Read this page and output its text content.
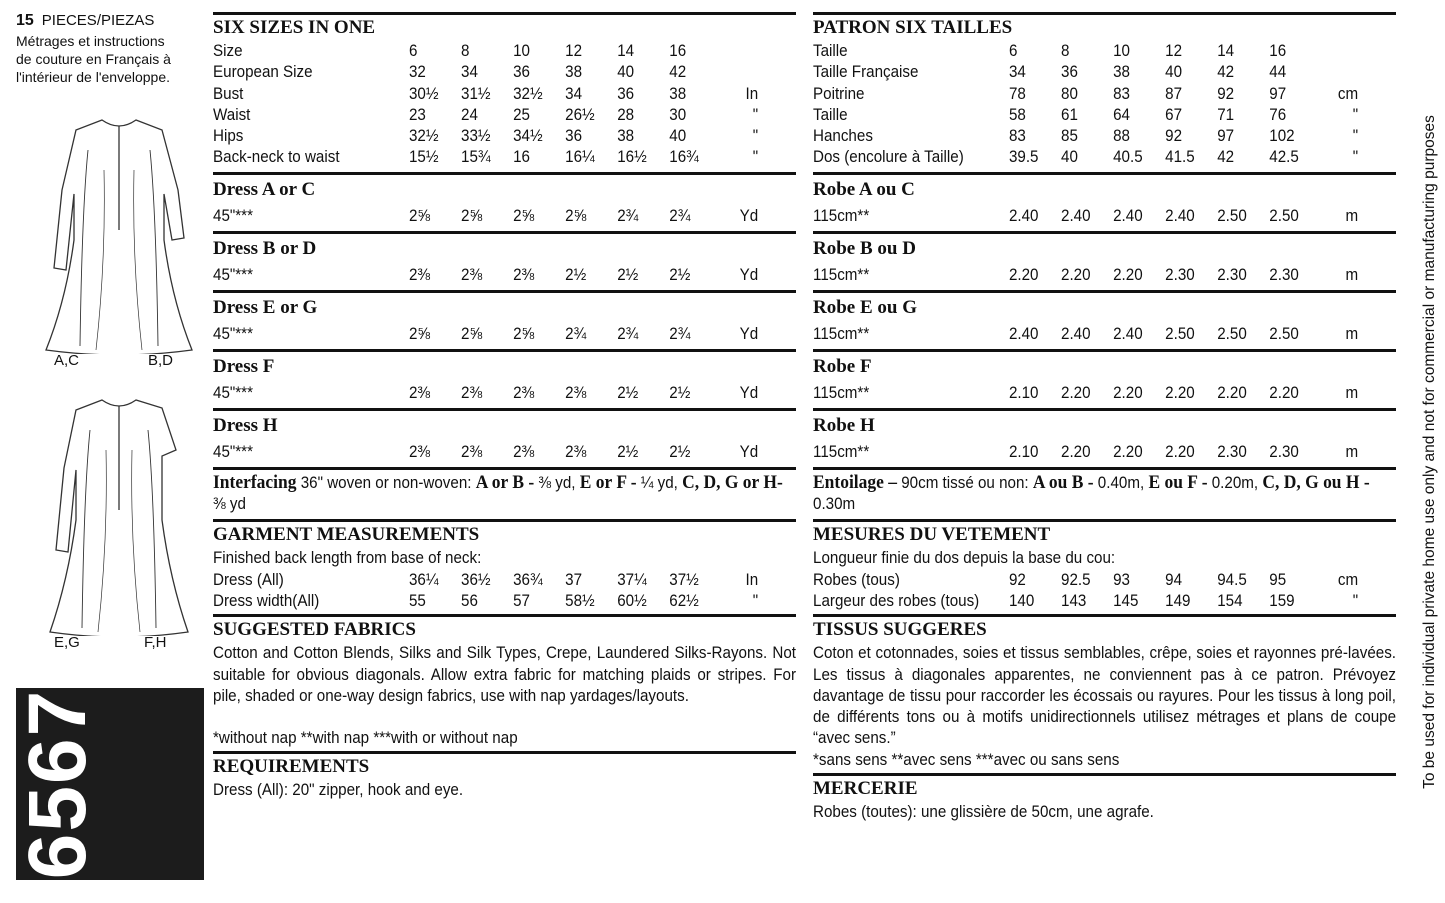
15 PIECES/PIEZAS
Métrages et instructions
de couture en Français à
l'intérieur de l'enveloppe.
A,C	B,D
E,G	F,H
6567
SIX SIZES IN ONE
Size	6	8	10	12	14	16
European Size	32	34	36	38	40	42
Bust	30½	31½	32½	34	36	38	In
Waist	23	24	25	26½	28	30	"
Hips	32½	33½	34½	36	38	40	"
Back-neck to waist	15½	15¾	16	16¼	16½	16¾	"
Dress A or C
45"***	2⅝	2⅝	2⅝	2⅝	2¾	2¾	Yd
Dress B or D
45"***	2⅜	2⅜	2⅜	2½	2½	2½	Yd
Dress E or G
45"***	2⅝	2⅝	2⅝	2¾	2¾	2¾	Yd
Dress F
45"***	2⅜	2⅜	2⅜	2⅜	2½	2½	Yd
Dress H
45"***	2⅜	2⅜	2⅜	2⅜	2½	2½	Yd
Interfacing 36" woven or non-woven: A or B - ⅜ yd, E or F - ¼ yd, C, D, G or H- ⅜ yd
GARMENT MEASUREMENTS
Finished back length from base of neck:
Dress (All)	36¼	36½	36¾	37	37¼	37½	In
Dress width(All)	55	56	57	58½	60½	62½	"
SUGGESTED FABRICS
Cotton and Cotton Blends, Silks and Silk Types, Crepe, Laundered Silks-Rayons. Not suitable for obvious diagonals. Allow extra fabric for matching plaids or stripes. For pile, shaded or one-way design fabrics, use with nap yardages/layouts.
*without nap **with nap ***with or without nap
REQUIREMENTS
Dress (All): 20" zipper, hook and eye.
PATRON SIX TAILLES
Taille	6	8	10	12	14	16
Taille Française	34	36	38	40	42	44
Poitrine	78	80	83	87	92	97	cm
Taille	58	61	64	67	71	76	"
Hanches	83	85	88	92	97	102	"
Dos (encolure à Taille)	39.5	40	40.5	41.5	42	42.5	"
Robe A ou C
115cm**	2.40	2.40	2.40	2.40	2.50	2.50	m
Robe B ou D
115cm**	2.20	2.20	2.20	2.30	2.30	2.30	m
Robe E ou G
115cm**	2.40	2.40	2.40	2.50	2.50	2.50	m
Robe F
115cm**	2.10	2.20	2.20	2.20	2.20	2.20	m
Robe H
115cm**	2.10	2.20	2.20	2.20	2.30	2.30	m
Entoilage – 90cm tissé ou non: A ou B - 0.40m, E ou F - 0.20m, C, D, G ou H - 0.30m
MESURES DU VETEMENT
Longueur finie du dos depuis la base du cou:
Robes (tous)	92	92.5	93	94	94.5	95	cm
Largeur des robes (tous)	140	143	145	149	154	159	"
TISSUS SUGGERES
Coton et cotonnades, soies et tissus semblables, crêpe, soies et rayonnes pré-lavées. Les tissus à diagonales apparentes, ne conviennent pas à ce patron. Prévoyez davantage de tissu pour raccorder les écossais ou rayures. Pour les tissus à long poil, de différents tons ou à motifs unidirectionnels utilisez métrages et plans de coupe “avec sens.”
*sans sens **avec sens ***avec ou sans sens
MERCERIE
Robes (toutes): une glissière de 50cm, une agrafe.
To be used for individual private home use only and not for commercial or manufacturing purposes
